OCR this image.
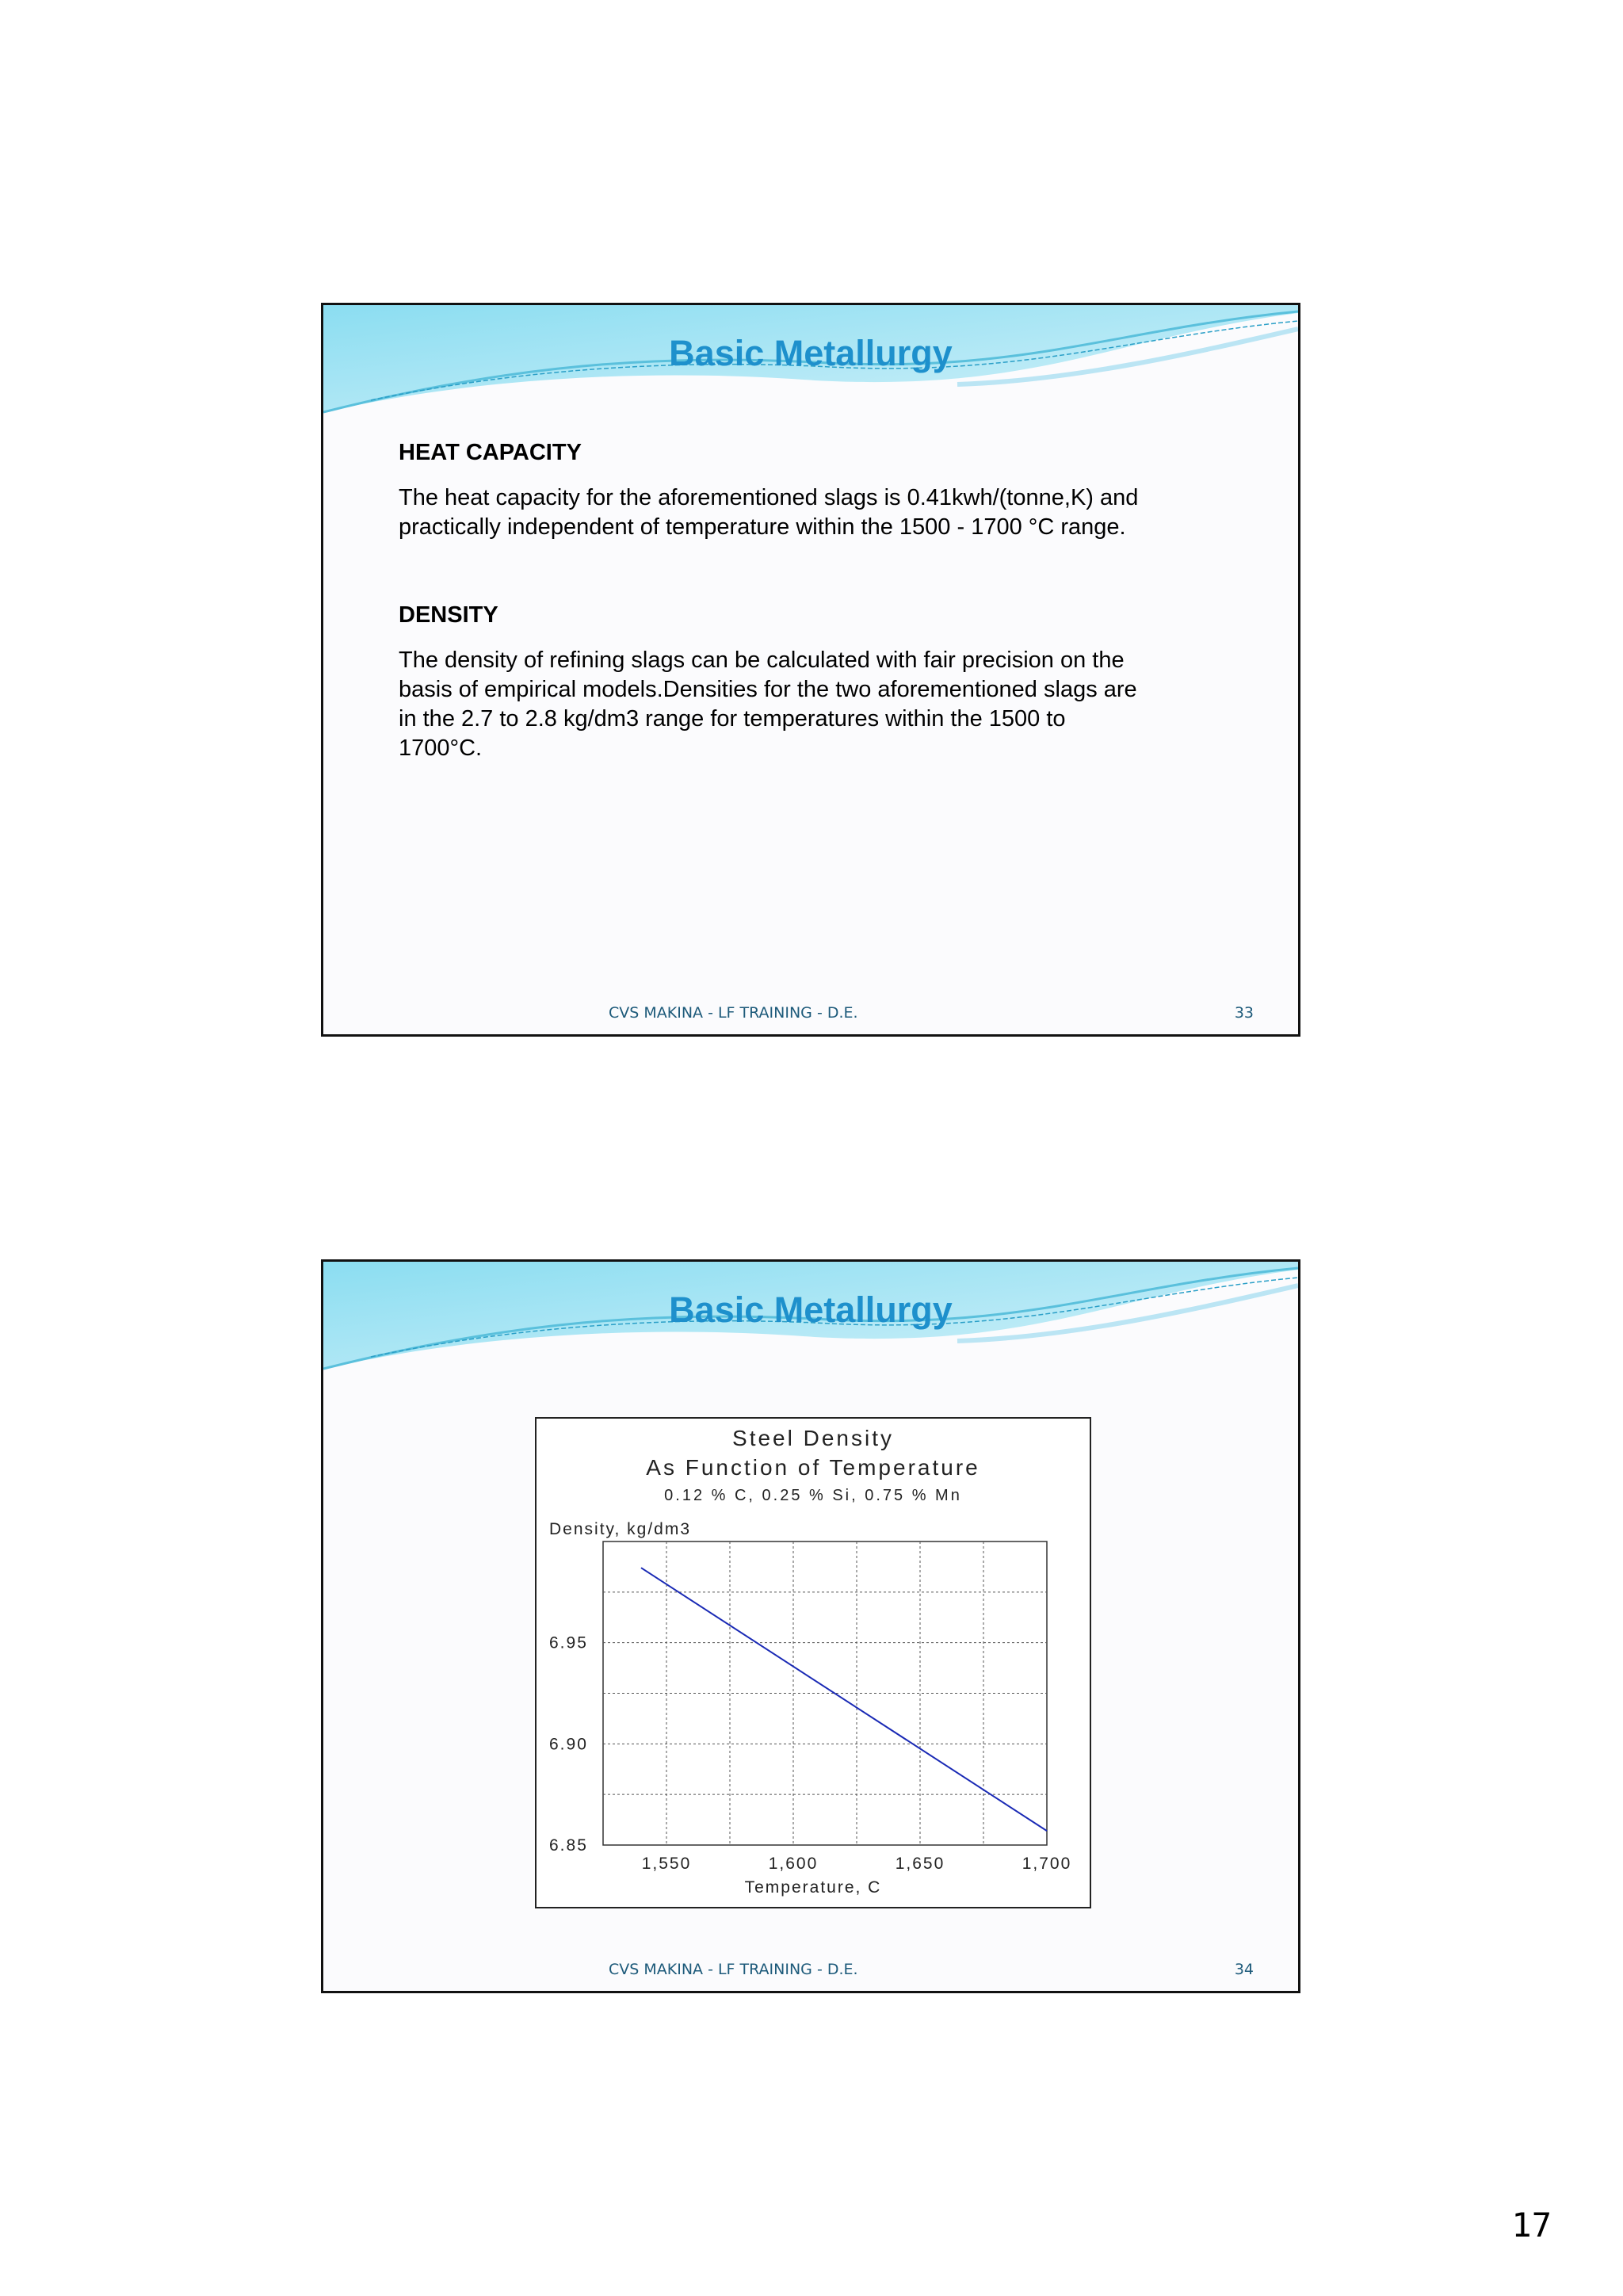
Basic Metallurgy

HEAT CAPACITY

The heat capacity for the aforementioned slags is 0.41kwh/(tonne,K) and

practically independent of temperature within the 1500 - 1700 °C range.

DENSITY

The density of refining slags can be calculated with fair precision on the

basis of empirical models.Densities for the two aforementioned slags are

in the 2.7 to 2.8 kg/dm3 range for temperatures within the 1500 to

1700°C.

CVS MAKINA - LF TRAINING - D.E.	33
Basic Metallurgy
Steel Density
As Function of Temperature
0.12 % C, 0.25 % Si, 0.75 % Mn
Density, kg/dm3
Temperature, C
1,550	1,600	1,650	1,700
6.85
6.90
6.95
CVS MAKINA - LF TRAINING - D.E.	34
17
